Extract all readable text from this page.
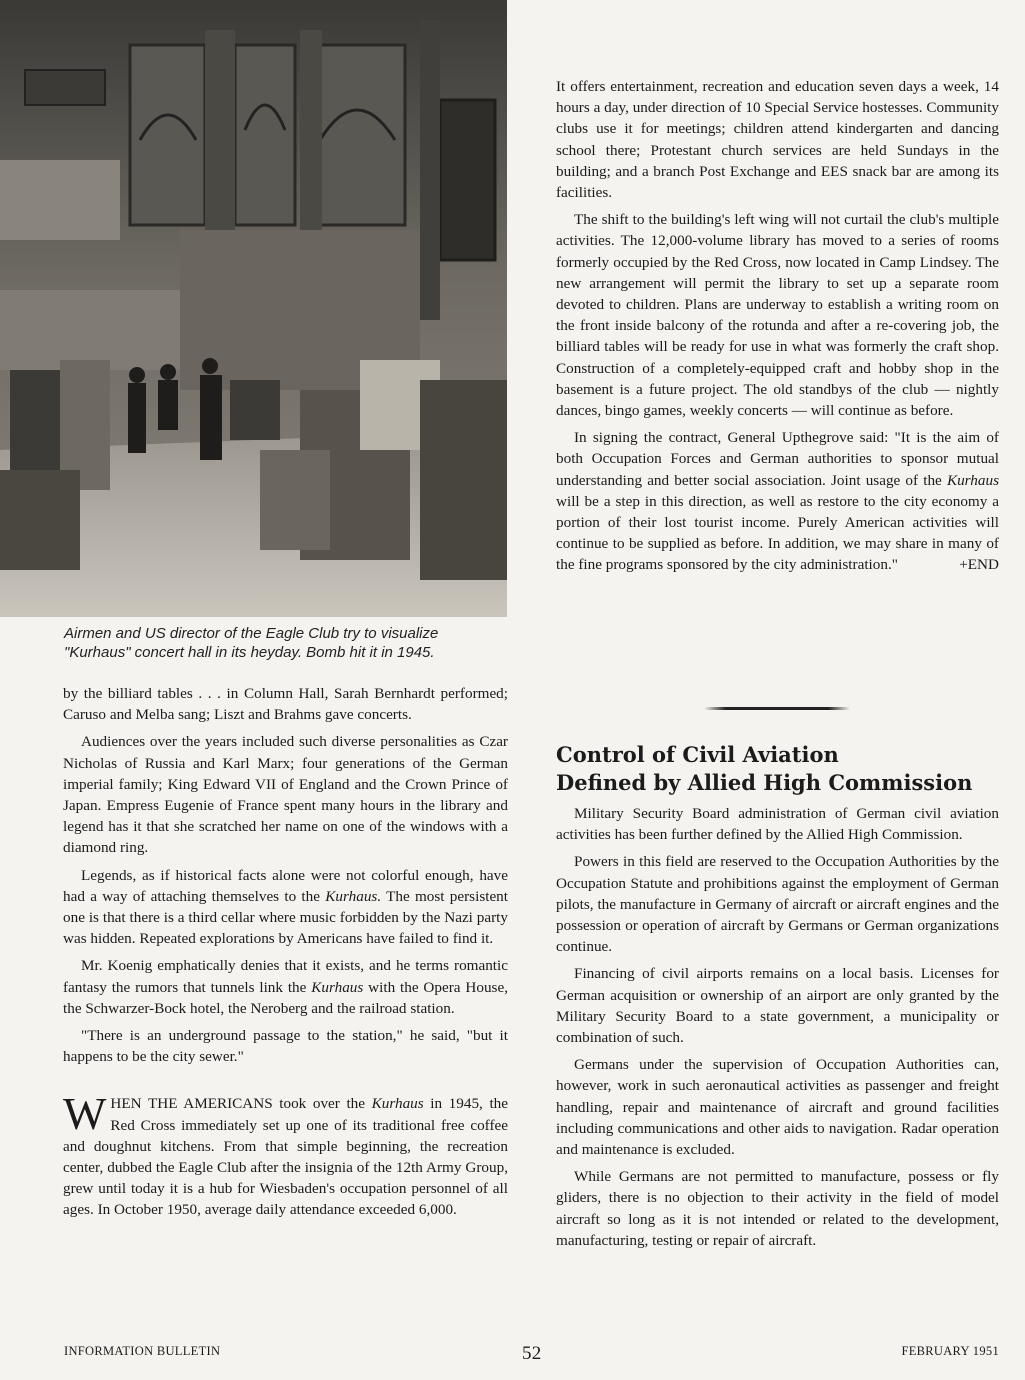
Airmen and US director of the Eagle Club try to visualize
"Kurhaus" concert hall in its heyday. Bomb hit it in 1945.

by the billiard tables . . . in Column Hall, Sarah Bernhardt performed; Caruso and Melba sang; Liszt and Brahms gave concerts.

Audiences over the years included such diverse personalities as Czar Nicholas of Russia and Karl Marx; four generations of the German imperial family; King Edward VII of England and the Crown Prince of Japan. Empress Eugenie of France spent many hours in the library and legend has it that she scratched her name on one of the windows with a diamond ring.

Legends, as if historical facts alone were not colorful enough, have had a way of attaching themselves to the Kurhaus. The most persistent one is that there is a third cellar where music forbidden by the Nazi party was hidden. Repeated explorations by Americans have failed to find it.

Mr. Koenig emphatically denies that it exists, and he terms romantic fantasy the rumors that tunnels link the Kurhaus with the Opera House, the Schwarzer-Bock hotel, the Neroberg and the railroad station.

"There is an underground passage to the station," he said, "but it happens to be the city sewer."

WHEN THE AMERICANS took over the Kurhaus in 1945, the Red Cross immediately set up one of its traditional free coffee and doughnut kitchens. From that simple beginning, the recreation center, dubbed the Eagle Club after the insignia of the 12th Army Group, grew until today it is a hub for Wiesbaden's occupation personnel of all ages. In October 1950, average daily attendance exceeded 6,000.

It offers entertainment, recreation and education seven days a week, 14 hours a day, under direction of 10 Special Service hostesses. Community clubs use it for meetings; children attend kindergarten and dancing school there; Protestant church services are held Sundays in the building; and a branch Post Exchange and EES snack bar are among its facilities.

The shift to the building's left wing will not curtail the club's multiple activities. The 12,000-volume library has moved to a series of rooms formerly occupied by the Red Cross, now located in Camp Lindsey. The new arrangement will permit the library to set up a separate room devoted to children. Plans are underway to establish a writing room on the front inside balcony of the rotunda and after a re-covering job, the billiard tables will be ready for use in what was formerly the craft shop. Construction of a completely-equipped craft and hobby shop in the basement is a future project. The old standbys of the club — nightly dances, bingo games, weekly concerts — will continue as before.

In signing the contract, General Upthegrove said: "It is the aim of both Occupation Forces and German authorities to sponsor mutual understanding and better social association. Joint usage of the Kurhaus will be a step in this direction, as well as restore to the city economy a portion of their lost tourist income. Purely American activities will continue to be supplied as before. In addition, we may share in many of the fine programs sponsored by the city administration."	+END

Control of Civil Aviation
Defined by Allied High Commission

Military Security Board administration of German civil aviation activities has been further defined by the Allied High Commission.

Powers in this field are reserved to the Occupation Authorities by the Occupation Statute and prohibitions against the employment of German pilots, the manufacture in Germany of aircraft or aircraft engines and the possession or operation of aircraft by Germans or German organizations continue.

Financing of civil airports remains on a local basis. Licenses for German acquisition or ownership of an airport are only granted by the Military Security Board to a state government, a municipality or combination of such.

Germans under the supervision of Occupation Authorities can, however, work in such aeronautical activities as passenger and freight handling, repair and maintenance of aircraft and ground facilities including communications and other aids to navigation. Radar operation and maintenance is excluded.

While Germans are not permitted to manufacture, possess or fly gliders, there is no objection to their activity in the field of model aircraft so long as it is not intended or related to the development, manufacturing, testing or repair of aircraft.

INFORMATION BULLETIN	52	FEBRUARY 1951
